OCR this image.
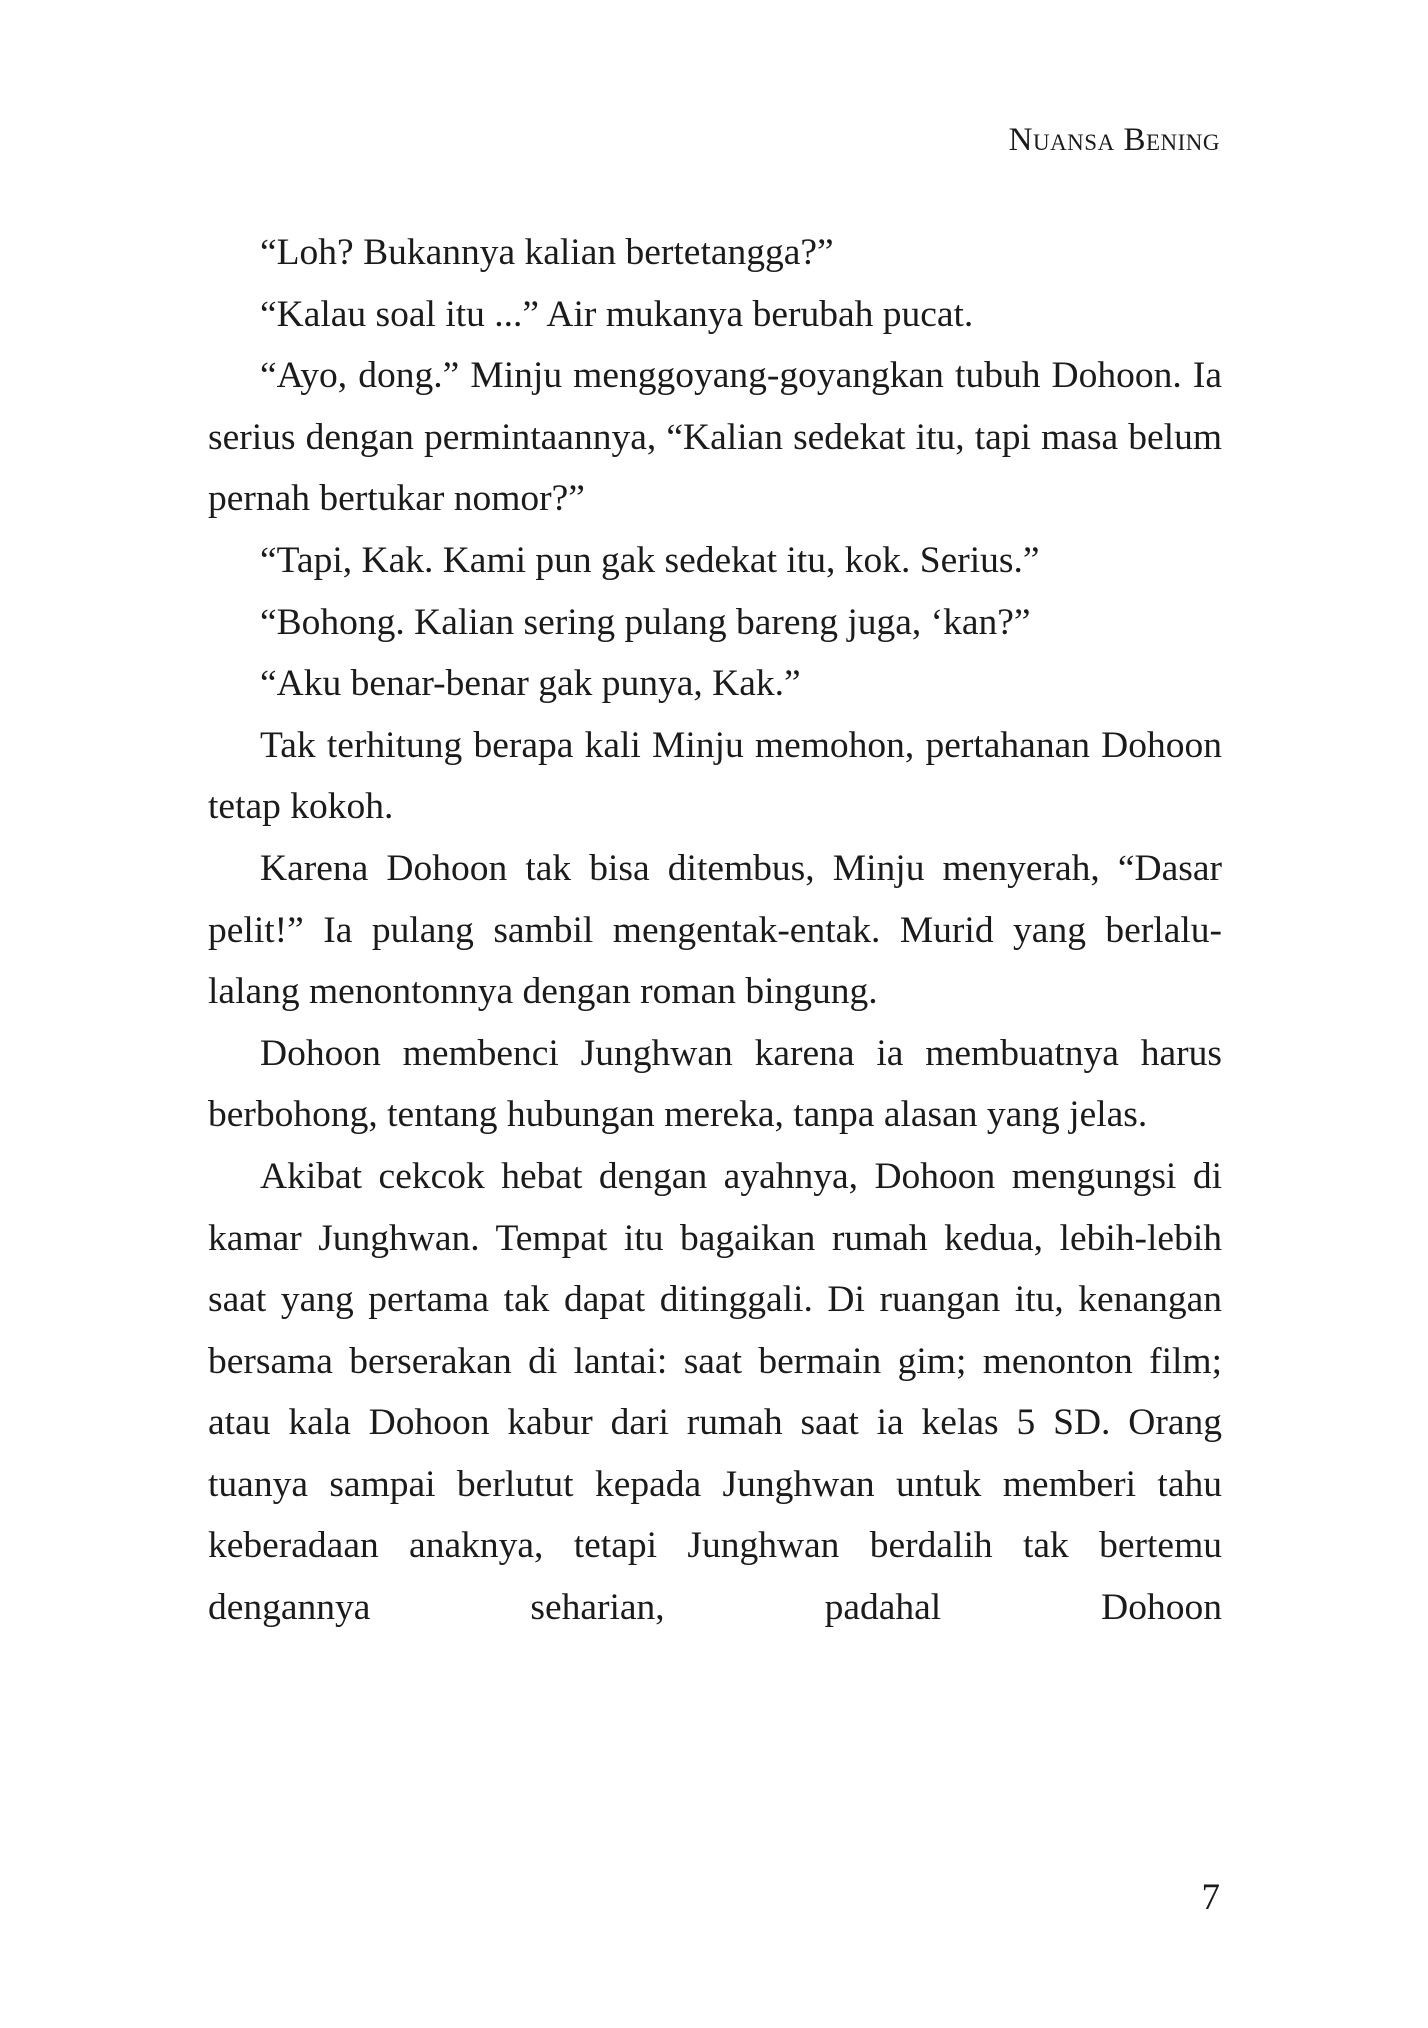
Nuansa Bening

“Loh? Bukannya kalian bertetangga?”

“Kalau soal itu ...” Air mukanya berubah pucat.

“Ayo, dong.” Minju menggoyang-goyangkan tubuh Dohoon. Ia serius dengan permintaannya, “Kalian sedekat itu, tapi masa belum pernah bertukar nomor?”

“Tapi, Kak. Kami pun gak sedekat itu, kok. Serius.”

“Bohong. Kalian sering pulang bareng juga, ‘kan?”

“Aku benar-benar gak punya, Kak.”

Tak terhitung berapa kali Minju memohon, pertahanan Dohoon tetap kokoh.

Karena Dohoon tak bisa ditembus, Minju menyerah, “Dasar pelit!” Ia pulang sambil mengentak-entak. Murid yang berlalu-lalang menontonnya dengan roman bingung.

Dohoon membenci Junghwan karena ia membuatnya harus berbohong, tentang hubungan mereka, tanpa alasan yang jelas.

Akibat cekcok hebat dengan ayahnya, Dohoon mengungsi di kamar Junghwan. Tempat itu bagaikan rumah kedua, lebih-lebih saat yang pertama tak dapat ditinggali. Di ruangan itu, kenangan bersama berserakan di lantai: saat bermain gim; menonton film; atau kala Dohoon kabur dari rumah saat ia kelas 5 SD. Orang tuanya sampai berlutut kepada Junghwan untuk memberi tahu keberadaan anaknya, tetapi Junghwan berdalih tak bertemu dengannya seharian, padahal Dohoon

7
